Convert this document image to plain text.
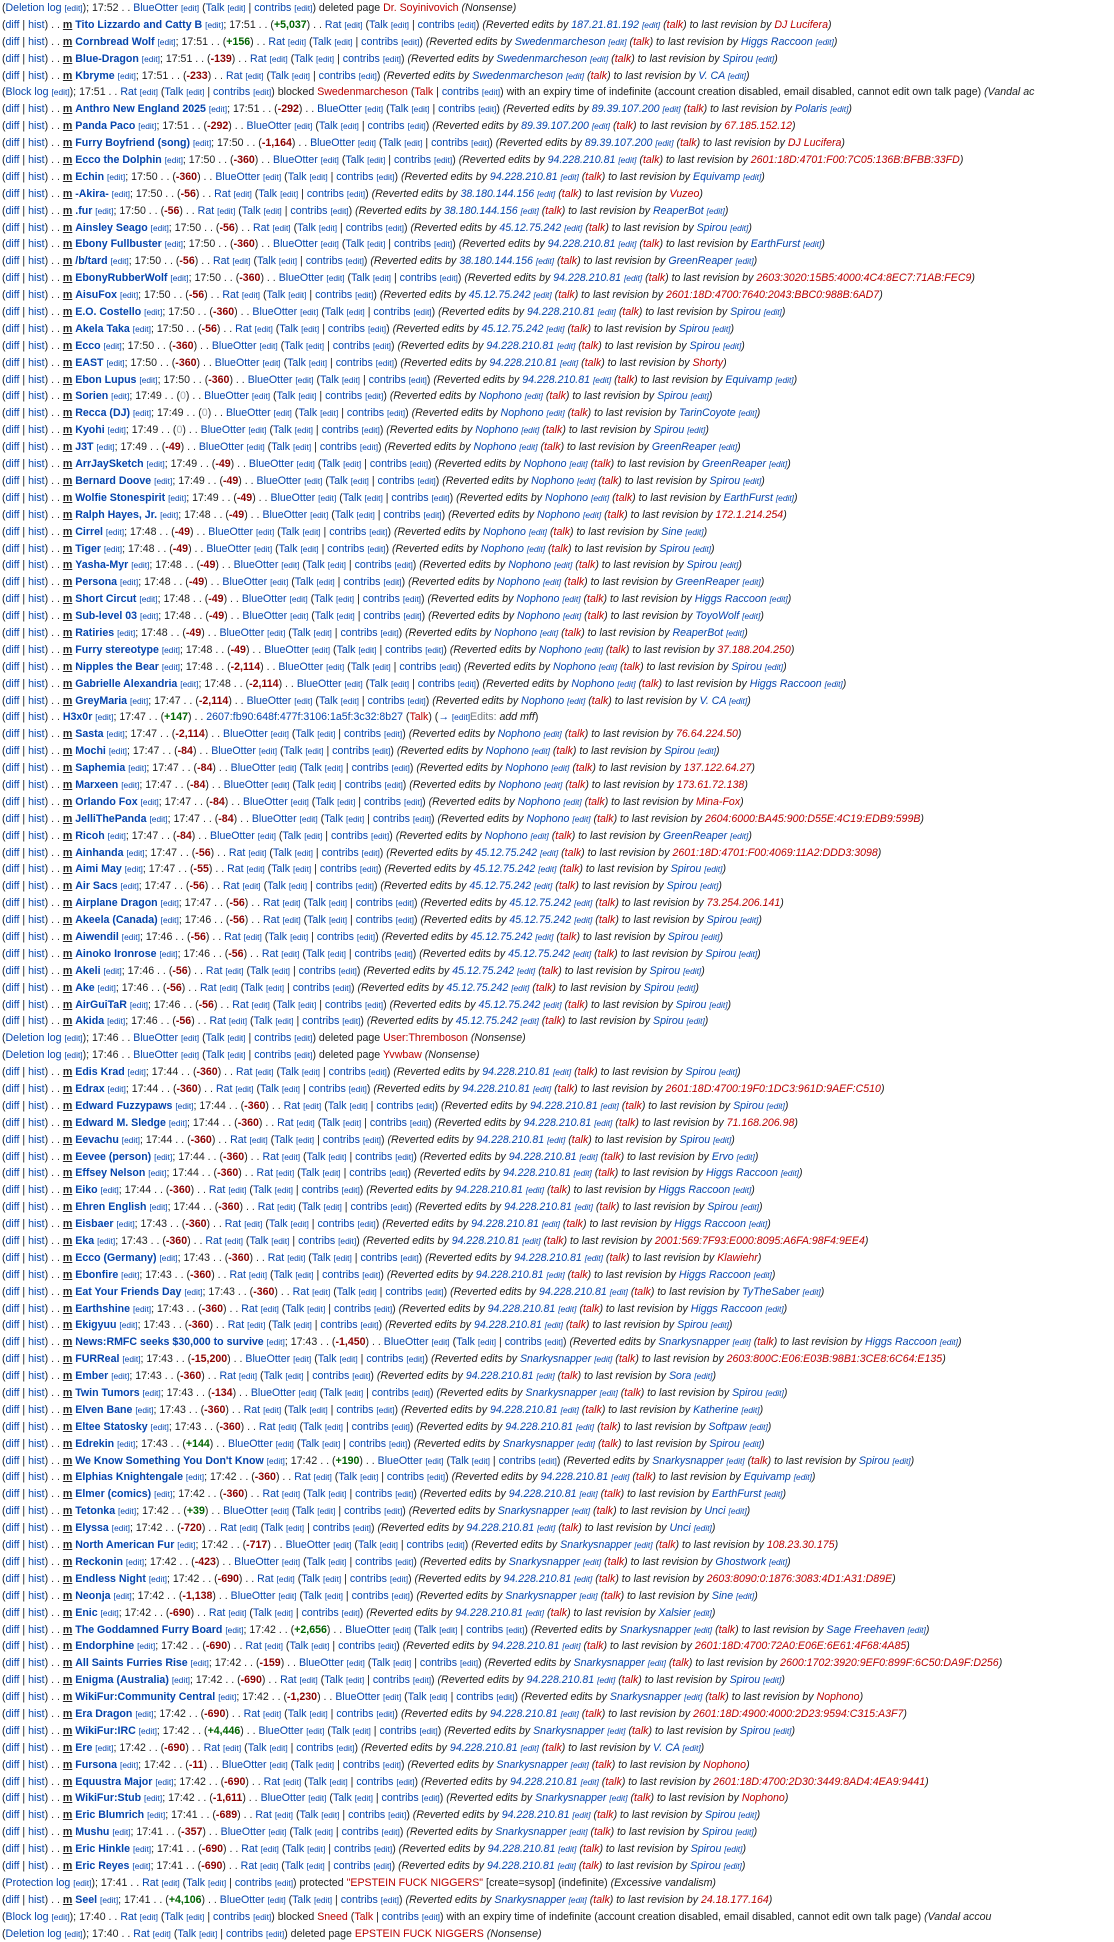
(Deletion log [edit]); 17:52 . . BlueOtter [edit] (Talk [edit] | contribs [edit]) deleted page Dr. Soyinivovich (Nonsense)
(diff | hist) . . m Tito Lizzardo and Catty B [edit]; 17:51 . . (+5,037) . . Rat [edit] (Talk [edit] | contribs [edit]) (Reverted edits by 187.21.81.192 [edit] (talk) to last revision by DJ Lucifera)
(diff | hist) . . m Cornbread Wolf [edit]; 17:51 . . (+156) . . Rat [edit] (Talk [edit] | contribs [edit]) (Reverted edits by Swedenmarcheson [edit] (talk) to last revision by Higgs Raccoon [edit])
(diff | hist) . . m Blue-Dragon [edit]; 17:51 . . (-139) . . Rat [edit] (Talk [edit] | contribs [edit]) (Reverted edits by Swedenmarcheson [edit] (talk) to last revision by Spirou [edit])
(diff | hist) . . m Kbryme [edit]; 17:51 . . (-233) . . Rat [edit] (Talk [edit] | contribs [edit]) (Reverted edits by Swedenmarcheson [edit] (talk) to last revision by V. CA [edit])
(Block log [edit]); 17:51 . . Rat [edit] (Talk [edit] | contribs [edit]) blocked Swedenmarcheson (Talk | contribs [edit]) with an expiry time of indefinite (account creation disabled, email disabled, cannot edit own talk page) (Vandal ac
(diff | hist) . . m Anthro New England 2025 [edit]; 17:51 . . (-292) . . BlueOtter [edit] (Talk [edit] | contribs [edit]) (Reverted edits by 89.39.107.200 [edit] (talk) to last revision by Polaris [edit])
(diff | hist) . . m Panda Paco [edit]; 17:51 . . (-292) . . BlueOtter [edit] (Talk [edit] | contribs [edit]) (Reverted edits by 89.39.107.200 [edit] (talk) to last revision by 67.185.152.12)
(diff | hist) . . m Furry Boyfriend (song) [edit]; 17:50 . . (-1,164) . . BlueOtter [edit] (Talk [edit] | contribs [edit]) (Reverted edits by 89.39.107.200 [edit] (talk) to last revision by DJ Lucifera)
(diff | hist) . . m Ecco the Dolphin [edit]; 17:50 . . (-360) . . BlueOtter [edit] (Talk [edit] | contribs [edit]) (Reverted edits by 94.228.210.81 [edit] (talk) to last revision by 2601:18D:4701:F00:7C05:136B:BFBB:33FD)
(diff | hist) . . m Echin [edit]; 17:50 . . (-360) . . BlueOtter [edit] (Talk [edit] | contribs [edit]) (Reverted edits by 94.228.210.81 [edit] (talk) to last revision by Equivamp [edit])
(diff | hist) . . m -Akira- [edit]; 17:50 . . (-56) . . Rat [edit] (Talk [edit] | contribs [edit]) (Reverted edits by 38.180.144.156 [edit] (talk) to last revision by Vuzeo)
(diff | hist) . . m .fur [edit]; 17:50 . . (-56) . . Rat [edit] (Talk [edit] | contribs [edit]) (Reverted edits by 38.180.144.156 [edit] (talk) to last revision by ReaperBot [edit])
(diff | hist) . . m Ainsley Seago [edit]; 17:50 . . (-56) . . Rat [edit] (Talk [edit] | contribs [edit]) (Reverted edits by 45.12.75.242 [edit] (talk) to last revision by Spirou [edit])
(diff | hist) . . m Ebony Fullbuster [edit]; 17:50 . . (-360) . . BlueOtter [edit] (Talk [edit] | contribs [edit]) (Reverted edits by 94.228.210.81 [edit] (talk) to last revision by EarthFurst [edit])
(diff | hist) . . m /b/tard [edit]; 17:50 . . (-56) . . Rat [edit] (Talk [edit] | contribs [edit]) (Reverted edits by 38.180.144.156 [edit] (talk) to last revision by GreenReaper [edit])
(diff | hist) . . m EbonyRubberWolf [edit]; 17:50 . . (-360) . . BlueOtter [edit] (Talk [edit] | contribs [edit]) (Reverted edits by 94.228.210.81 [edit] (talk) to last revision by 2603:3020:15B5:4000:4C4:8EC7:71AB:FEC9)
(diff | hist) . . m AisuFox [edit]; 17:50 . . (-56) . . Rat [edit] (Talk [edit] | contribs [edit]) (Reverted edits by 45.12.75.242 [edit] (talk) to last revision by 2601:18D:4700:7640:2043:BBC0:988B:6AD7)
(diff | hist) . . m E.O. Costello [edit]; 17:50 . . (-360) . . BlueOtter [edit] (Talk [edit] | contribs [edit]) (Reverted edits by 94.228.210.81 [edit] (talk) to last revision by Spirou [edit])
(diff | hist) . . m Akela Taka [edit]; 17:50 . . (-56) . . Rat [edit] (Talk [edit] | contribs [edit]) (Reverted edits by 45.12.75.242 [edit] (talk) to last revision by Spirou [edit])
(diff | hist) . . m Ecco [edit]; 17:50 . . (-360) . . BlueOtter [edit] (Talk [edit] | contribs [edit]) (Reverted edits by 94.228.210.81 [edit] (talk) to last revision by Spirou [edit])
(diff | hist) . . m EAST [edit]; 17:50 . . (-360) . . BlueOtter [edit] (Talk [edit] | contribs [edit]) (Reverted edits by 94.228.210.81 [edit] (talk) to last revision by Shorty)
(diff | hist) . . m Ebon Lupus [edit]; 17:50 . . (-360) . . BlueOtter [edit] (Talk [edit] | contribs [edit]) (Reverted edits by 94.228.210.81 [edit] (talk) to last revision by Equivamp [edit])
(diff | hist) . . m Sorien [edit]; 17:49 . . (0) . . BlueOtter [edit] (Talk [edit] | contribs [edit]) (Reverted edits by Nophono [edit] (talk) to last revision by Spirou [edit])
(diff | hist) . . m Recca (DJ) [edit]; 17:49 . . (0) . . BlueOtter [edit] (Talk [edit] | contribs [edit]) (Reverted edits by Nophono [edit] (talk) to last revision by TarinCoyote [edit])
(diff | hist) . . m Kyohi [edit]; 17:49 . . (0) . . BlueOtter [edit] (Talk [edit] | contribs [edit]) (Reverted edits by Nophono [edit] (talk) to last revision by Spirou [edit])
(diff | hist) . . m J3T [edit]; 17:49 . . (-49) . . BlueOtter [edit] (Talk [edit] | contribs [edit]) (Reverted edits by Nophono [edit] (talk) to last revision by GreenReaper [edit])
(diff | hist) . . m ArrJaySketch [edit]; 17:49 . . (-49) . . BlueOtter [edit] (Talk [edit] | contribs [edit]) (Reverted edits by Nophono [edit] (talk) to last revision by GreenReaper [edit])
(diff | hist) . . m Bernard Doove [edit]; 17:49 . . (-49) . . BlueOtter [edit] (Talk [edit] | contribs [edit]) (Reverted edits by Nophono [edit] (talk) to last revision by Spirou [edit])
(diff | hist) . . m Wolfie Stonespirit [edit]; 17:49 . . (-49) . . BlueOtter [edit] (Talk [edit] | contribs [edit]) (Reverted edits by Nophono [edit] (talk) to last revision by EarthFurst [edit])
(diff | hist) . . m Ralph Hayes, Jr. [edit]; 17:48 . . (-49) . . BlueOtter [edit] (Talk [edit] | contribs [edit]) (Reverted edits by Nophono [edit] (talk) to last revision by 172.1.214.254)
(diff | hist) . . m Cirrel [edit]; 17:48 . . (-49) . . BlueOtter [edit] (Talk [edit] | contribs [edit]) (Reverted edits by Nophono [edit] (talk) to last revision by Sine [edit])
(diff | hist) . . m Tiger [edit]; 17:48 . . (-49) . . BlueOtter [edit] (Talk [edit] | contribs [edit]) (Reverted edits by Nophono [edit] (talk) to last revision by Spirou [edit])
(diff | hist) . . m Yasha-Myr [edit]; 17:48 . . (-49) . . BlueOtter [edit] (Talk [edit] | contribs [edit]) (Reverted edits by Nophono [edit] (talk) to last revision by Spirou [edit])
(diff | hist) . . m Persona [edit]; 17:48 . . (-49) . . BlueOtter [edit] (Talk [edit] | contribs [edit]) (Reverted edits by Nophono [edit] (talk) to last revision by GreenReaper [edit])
(diff | hist) . . m Short Circut [edit]; 17:48 . . (-49) . . BlueOtter [edit] (Talk [edit] | contribs [edit]) (Reverted edits by Nophono [edit] (talk) to last revision by Higgs Raccoon [edit])
(diff | hist) . . m Sub-level 03 [edit]; 17:48 . . (-49) . . BlueOtter [edit] (Talk [edit] | contribs [edit]) (Reverted edits by Nophono [edit] (talk) to last revision by ToyoWolf [edit])
(diff | hist) . . m Ratiries [edit]; 17:48 . . (-49) . . BlueOtter [edit] (Talk [edit] | contribs [edit]) (Reverted edits by Nophono [edit] (talk) to last revision by ReaperBot [edit])
(diff | hist) . . m Furry stereotype [edit]; 17:48 . . (-49) . . BlueOtter [edit] (Talk [edit] | contribs [edit]) (Reverted edits by Nophono [edit] (talk) to last revision by 37.188.204.250)
(diff | hist) . . m Nipples the Bear [edit]; 17:48 . . (-2,114) . . BlueOtter [edit] (Talk [edit] | contribs [edit]) (Reverted edits by Nophono [edit] (talk) to last revision by Spirou [edit])
(diff | hist) . . m Gabrielle Alexandria [edit]; 17:48 . . (-2,114) . . BlueOtter [edit] (Talk [edit] | contribs [edit]) (Reverted edits by Nophono [edit] (talk) to last revision by Higgs Raccoon [edit])
(diff | hist) . . m GreyMaria [edit]; 17:47 . . (-2,114) . . BlueOtter [edit] (Talk [edit] | contribs [edit]) (Reverted edits by Nophono [edit] (talk) to last revision by V. CA [edit])
(diff | hist) . . H3x0r [edit]; 17:47 . . (+147) . . 2607:fb90:648f:477f:3106:1a5f:3c32:8b27 (Talk) (→ [edit]Edits: add mff)
(diff | hist) . . m Sasta [edit]; 17:47 . . (-2,114) . . BlueOtter [edit] (Talk [edit] | contribs [edit]) (Reverted edits by Nophono [edit] (talk) to last revision by 76.64.224.50)
(diff | hist) . . m Mochi [edit]; 17:47 . . (-84) . . BlueOtter [edit] (Talk [edit] | contribs [edit]) (Reverted edits by Nophono [edit] (talk) to last revision by Spirou [edit])
(diff | hist) . . m Saphemia [edit]; 17:47 . . (-84) . . BlueOtter [edit] (Talk [edit] | contribs [edit]) (Reverted edits by Nophono [edit] (talk) to last revision by 137.122.64.27)
(diff | hist) . . m Marxeen [edit]; 17:47 . . (-84) . . BlueOtter [edit] (Talk [edit] | contribs [edit]) (Reverted edits by Nophono [edit] (talk) to last revision by 173.61.72.138)
(diff | hist) . . m Orlando Fox [edit]; 17:47 . . (-84) . . BlueOtter [edit] (Talk [edit] | contribs [edit]) (Reverted edits by Nophono [edit] (talk) to last revision by Mina-Fox)
(diff | hist) . . m JelliThePanda [edit]; 17:47 . . (-84) . . BlueOtter [edit] (Talk [edit] | contribs [edit]) (Reverted edits by Nophono [edit] (talk) to last revision by 2604:6000:BA45:900:D55E:4C19:EDB9:599B)
(diff | hist) . . m Ricoh [edit]; 17:47 . . (-84) . . BlueOtter [edit] (Talk [edit] | contribs [edit]) (Reverted edits by Nophono [edit] (talk) to last revision by GreenReaper [edit])
(diff | hist) . . m Ainhanda [edit]; 17:47 . . (-56) . . Rat [edit] (Talk [edit] | contribs [edit]) (Reverted edits by 45.12.75.242 [edit] (talk) to last revision by 2601:18D:4701:F00:4069:11A2:DDD3:3098)
(diff | hist) . . m Aimi May [edit]; 17:47 . . (-55) . . Rat [edit] (Talk [edit] | contribs [edit]) (Reverted edits by 45.12.75.242 [edit] (talk) to last revision by Spirou [edit])
(diff | hist) . . m Air Sacs [edit]; 17:47 . . (-56) . . Rat [edit] (Talk [edit] | contribs [edit]) (Reverted edits by 45.12.75.242 [edit] (talk) to last revision by Spirou [edit])
(diff | hist) . . m Airplane Dragon [edit]; 17:47 . . (-56) . . Rat [edit] (Talk [edit] | contribs [edit]) (Reverted edits by 45.12.75.242 [edit] (talk) to last revision by 73.254.206.141)
(diff | hist) . . m Akeela (Canada) [edit]; 17:46 . . (-56) . . Rat [edit] (Talk [edit] | contribs [edit]) (Reverted edits by 45.12.75.242 [edit] (talk) to last revision by Spirou [edit])
(diff | hist) . . m Aiwendil [edit]; 17:46 . . (-56) . . Rat [edit] (Talk [edit] | contribs [edit]) (Reverted edits by 45.12.75.242 [edit] (talk) to last revision by Spirou [edit])
(diff | hist) . . m Ainoko Ironrose [edit]; 17:46 . . (-56) . . Rat [edit] (Talk [edit] | contribs [edit]) (Reverted edits by 45.12.75.242 [edit] (talk) to last revision by Spirou [edit])
(diff | hist) . . m Akeli [edit]; 17:46 . . (-56) . . Rat [edit] (Talk [edit] | contribs [edit]) (Reverted edits by 45.12.75.242 [edit] (talk) to last revision by Spirou [edit])
(diff | hist) . . m Ake [edit]; 17:46 . . (-56) . . Rat [edit] (Talk [edit] | contribs [edit]) (Reverted edits by 45.12.75.242 [edit] (talk) to last revision by Spirou [edit])
(diff | hist) . . m AirGuiTaR [edit]; 17:46 . . (-56) . . Rat [edit] (Talk [edit] | contribs [edit]) (Reverted edits by 45.12.75.242 [edit] (talk) to last revision by Spirou [edit])
(diff | hist) . . m Akida [edit]; 17:46 . . (-56) . . Rat [edit] (Talk [edit] | contribs [edit]) (Reverted edits by 45.12.75.242 [edit] (talk) to last revision by Spirou [edit])
(Deletion log [edit]); 17:46 . . BlueOtter [edit] (Talk [edit] | contribs [edit]) deleted page User:Thremboson (Nonsense)
(Deletion log [edit]); 17:46 . . BlueOtter [edit] (Talk [edit] | contribs [edit]) deleted page Yvwbaw (Nonsense)
(diff | hist) . . m Edis Krad [edit]; 17:44 . . (-360) . . Rat [edit] (Talk [edit] | contribs [edit]) (Reverted edits by 94.228.210.81 [edit] (talk) to last revision by Spirou [edit])
(diff | hist) . . m Edrax [edit]; 17:44 . . (-360) . . Rat [edit] (Talk [edit] | contribs [edit]) (Reverted edits by 94.228.210.81 [edit] (talk) to last revision by 2601:18D:4700:19F0:1DC3:961D:9AEF:C510)
(diff | hist) . . m Edward Fuzzypaws [edit]; 17:44 . . (-360) . . Rat [edit] (Talk [edit] | contribs [edit]) (Reverted edits by 94.228.210.81 [edit] (talk) to last revision by Spirou [edit])
(diff | hist) . . m Edward M. Sledge [edit]; 17:44 . . (-360) . . Rat [edit] (Talk [edit] | contribs [edit]) (Reverted edits by 94.228.210.81 [edit] (talk) to last revision by 71.168.206.98)
(diff | hist) . . m Eevachu [edit]; 17:44 . . (-360) . . Rat [edit] (Talk [edit] | contribs [edit]) (Reverted edits by 94.228.210.81 [edit] (talk) to last revision by Spirou [edit])
(diff | hist) . . m Eevee (person) [edit]; 17:44 . . (-360) . . Rat [edit] (Talk [edit] | contribs [edit]) (Reverted edits by 94.228.210.81 [edit] (talk) to last revision by Ervo [edit])
(diff | hist) . . m Effsey Nelson [edit]; 17:44 . . (-360) . . Rat [edit] (Talk [edit] | contribs [edit]) (Reverted edits by 94.228.210.81 [edit] (talk) to last revision by Higgs Raccoon [edit])
(diff | hist) . . m Eiko [edit]; 17:44 . . (-360) . . Rat [edit] (Talk [edit] | contribs [edit]) (Reverted edits by 94.228.210.81 [edit] (talk) to last revision by Higgs Raccoon [edit])
(diff | hist) . . m Ehren English [edit]; 17:44 . . (-360) . . Rat [edit] (Talk [edit] | contribs [edit]) (Reverted edits by 94.228.210.81 [edit] (talk) to last revision by Spirou [edit])
(diff | hist) . . m Eisbaer [edit]; 17:43 . . (-360) . . Rat [edit] (Talk [edit] | contribs [edit]) (Reverted edits by 94.228.210.81 [edit] (talk) to last revision by Higgs Raccoon [edit])
(diff | hist) . . m Eka [edit]; 17:43 . . (-360) . . Rat [edit] (Talk [edit] | contribs [edit]) (Reverted edits by 94.228.210.81 [edit] (talk) to last revision by 2001:569:7F93:E000:8095:A6FA:98F4:9EE4)
(diff | hist) . . m Ecco (Germany) [edit]; 17:43 . . (-360) . . Rat [edit] (Talk [edit] | contribs [edit]) (Reverted edits by 94.228.210.81 [edit] (talk) to last revision by Klawiehr)
(diff | hist) . . m Ebonfire [edit]; 17:43 . . (-360) . . Rat [edit] (Talk [edit] | contribs [edit]) (Reverted edits by 94.228.210.81 [edit] (talk) to last revision by Higgs Raccoon [edit])
(diff | hist) . . m Eat Your Friends Day [edit]; 17:43 . . (-360) . . Rat [edit] (Talk [edit] | contribs [edit]) (Reverted edits by 94.228.210.81 [edit] (talk) to last revision by TyTheSaber [edit])
(diff | hist) . . m Earthshine [edit]; 17:43 . . (-360) . . Rat [edit] (Talk [edit] | contribs [edit]) (Reverted edits by 94.228.210.81 [edit] (talk) to last revision by Higgs Raccoon [edit])
(diff | hist) . . m Ekigyuu [edit]; 17:43 . . (-360) . . Rat [edit] (Talk [edit] | contribs [edit]) (Reverted edits by 94.228.210.81 [edit] (talk) to last revision by Spirou [edit])
(diff | hist) . . m News:RMFC seeks $30,000 to survive [edit]; 17:43 . . (-1,450) . . BlueOtter [edit] (Talk [edit] | contribs [edit]) (Reverted edits by Snarkysnapper [edit] (talk) to last revision by Higgs Raccoon [edit])
(diff | hist) . . m FURReal [edit]; 17:43 . . (-15,200) . . BlueOtter [edit] (Talk [edit] | contribs [edit]) (Reverted edits by Snarkysnapper [edit] (talk) to last revision by 2603:800C:E06:E03B:98B1:3CE8:6C64:E135)
(diff | hist) . . m Ember [edit]; 17:43 . . (-360) . . Rat [edit] (Talk [edit] | contribs [edit]) (Reverted edits by 94.228.210.81 [edit] (talk) to last revision by Sora [edit])
(diff | hist) . . m Twin Tumors [edit]; 17:43 . . (-134) . . BlueOtter [edit] (Talk [edit] | contribs [edit]) (Reverted edits by Snarkysnapper [edit] (talk) to last revision by Spirou [edit])
(diff | hist) . . m Elven Bane [edit]; 17:43 . . (-360) . . Rat [edit] (Talk [edit] | contribs [edit]) (Reverted edits by 94.228.210.81 [edit] (talk) to last revision by Katherine [edit])
(diff | hist) . . m Eltee Statosky [edit]; 17:43 . . (-360) . . Rat [edit] (Talk [edit] | contribs [edit]) (Reverted edits by 94.228.210.81 [edit] (talk) to last revision by Softpaw [edit])
(diff | hist) . . m Edrekin [edit]; 17:43 . . (+144) . . BlueOtter [edit] (Talk [edit] | contribs [edit]) (Reverted edits by Snarkysnapper [edit] (talk) to last revision by Spirou [edit])
(diff | hist) . . m We Know Something You Don't Know [edit]; 17:42 . . (+190) . . BlueOtter [edit] (Talk [edit] | contribs [edit]) (Reverted edits by Snarkysnapper [edit] (talk) to last revision by Spirou [edit])
(diff | hist) . . m Elphias Knightengale [edit]; 17:42 . . (-360) . . Rat [edit] (Talk [edit] | contribs [edit]) (Reverted edits by 94.228.210.81 [edit] (talk) to last revision by Equivamp [edit])
(diff | hist) . . m Elmer (comics) [edit]; 17:42 . . (-360) . . Rat [edit] (Talk [edit] | contribs [edit]) (Reverted edits by 94.228.210.81 [edit] (talk) to last revision by EarthFurst [edit])
(diff | hist) . . m Tetonka [edit]; 17:42 . . (+39) . . BlueOtter [edit] (Talk [edit] | contribs [edit]) (Reverted edits by Snarkysnapper [edit] (talk) to last revision by Unci [edit])
(diff | hist) . . m Elyssa [edit]; 17:42 . . (-720) . . Rat [edit] (Talk [edit] | contribs [edit]) (Reverted edits by 94.228.210.81 [edit] (talk) to last revision by Unci [edit])
(diff | hist) . . m North American Fur [edit]; 17:42 . . (-717) . . BlueOtter [edit] (Talk [edit] | contribs [edit]) (Reverted edits by Snarkysnapper [edit] (talk) to last revision by 108.23.30.175)
(diff | hist) . . m Reckonin [edit]; 17:42 . . (-423) . . BlueOtter [edit] (Talk [edit] | contribs [edit]) (Reverted edits by Snarkysnapper [edit] (talk) to last revision by Ghostwork [edit])
(diff | hist) . . m Endless Night [edit]; 17:42 . . (-690) . . Rat [edit] (Talk [edit] | contribs [edit]) (Reverted edits by 94.228.210.81 [edit] (talk) to last revision by 2603:8090:0:1876:3083:4D1:A31:D89E)
(diff | hist) . . m Neonja [edit]; 17:42 . . (-1,138) . . BlueOtter [edit] (Talk [edit] | contribs [edit]) (Reverted edits by Snarkysnapper [edit] (talk) to last revision by Sine [edit])
(diff | hist) . . m Enic [edit]; 17:42 . . (-690) . . Rat [edit] (Talk [edit] | contribs [edit]) (Reverted edits by 94.228.210.81 [edit] (talk) to last revision by Xalsier [edit])
(diff | hist) . . m The Goddamned Furry Board [edit]; 17:42 . . (+2,656) . . BlueOtter [edit] (Talk [edit] | contribs [edit]) (Reverted edits by Snarkysnapper [edit] (talk) to last revision by Sage Freehaven [edit])
(diff | hist) . . m Endorphine [edit]; 17:42 . . (-690) . . Rat [edit] (Talk [edit] | contribs [edit]) (Reverted edits by 94.228.210.81 [edit] (talk) to last revision by 2601:18D:4700:72A0:E06E:6E61:4F68:4A85)
(diff | hist) . . m All Saints Furries Rise [edit]; 17:42 . . (-159) . . BlueOtter [edit] (Talk [edit] | contribs [edit]) (Reverted edits by Snarkysnapper [edit] (talk) to last revision by 2600:1702:3920:9EF0:899F:6C50:DA9F:D256)
(diff | hist) . . m Enigma (Australia) [edit]; 17:42 . . (-690) . . Rat [edit] (Talk [edit] | contribs [edit]) (Reverted edits by 94.228.210.81 [edit] (talk) to last revision by Spirou [edit])
(diff | hist) . . m WikiFur:Community Central [edit]; 17:42 . . (-1,230) . . BlueOtter [edit] (Talk [edit] | contribs [edit]) (Reverted edits by Snarkysnapper [edit] (talk) to last revision by Nophono)
(diff | hist) . . m Era Dragon [edit]; 17:42 . . (-690) . . Rat [edit] (Talk [edit] | contribs [edit]) (Reverted edits by 94.228.210.81 [edit] (talk) to last revision by 2601:18D:4900:4000:2D23:9594:C315:A3F7)
(diff | hist) . . m WikiFur:IRC [edit]; 17:42 . . (+4,446) . . BlueOtter [edit] (Talk [edit] | contribs [edit]) (Reverted edits by Snarkysnapper [edit] (talk) to last revision by Spirou [edit])
(diff | hist) . . m Ere [edit]; 17:42 . . (-690) . . Rat [edit] (Talk [edit] | contribs [edit]) (Reverted edits by 94.228.210.81 [edit] (talk) to last revision by V. CA [edit])
(diff | hist) . . m Fursona [edit]; 17:42 . . (-11) . . BlueOtter [edit] (Talk [edit] | contribs [edit]) (Reverted edits by Snarkysnapper [edit] (talk) to last revision by Nophono)
(diff | hist) . . m Equustra Major [edit]; 17:42 . . (-690) . . Rat [edit] (Talk [edit] | contribs [edit]) (Reverted edits by 94.228.210.81 [edit] (talk) to last revision by 2601:18D:4700:2D30:3449:8AD4:4EA9:9441)
(diff | hist) . . m WikiFur:Stub [edit]; 17:42 . . (-1,611) . . BlueOtter [edit] (Talk [edit] | contribs [edit]) (Reverted edits by Snarkysnapper [edit] (talk) to last revision by Nophono)
(diff | hist) . . m Eric Blumrich [edit]; 17:41 . . (-689) . . Rat [edit] (Talk [edit] | contribs [edit]) (Reverted edits by 94.228.210.81 [edit] (talk) to last revision by Spirou [edit])
(diff | hist) . . m Mushu [edit]; 17:41 . . (-357) . . BlueOtter [edit] (Talk [edit] | contribs [edit]) (Reverted edits by Snarkysnapper [edit] (talk) to last revision by Spirou [edit])
(diff | hist) . . m Eric Hinkle [edit]; 17:41 . . (-690) . . Rat [edit] (Talk [edit] | contribs [edit]) (Reverted edits by 94.228.210.81 [edit] (talk) to last revision by Spirou [edit])
(diff | hist) . . m Eric Reyes [edit]; 17:41 . . (-690) . . Rat [edit] (Talk [edit] | contribs [edit]) (Reverted edits by 94.228.210.81 [edit] (talk) to last revision by Spirou [edit])
(Protection log [edit]); 17:41 . . Rat [edit] (Talk [edit] | contribs [edit]) protected "EPSTEIN FUCK NIGGERS" [create=sysop] (indefinite) (Excessive vandalism)
(diff | hist) . . m Seel [edit]; 17:41 . . (+4,106) . . BlueOtter [edit] (Talk [edit] | contribs [edit]) (Reverted edits by Snarkysnapper [edit] (talk) to last revision by 24.18.177.164)
(Block log [edit]); 17:40 . . Rat [edit] (Talk [edit] | contribs [edit]) blocked Sneed (Talk | contribs [edit]) with an expiry time of indefinite (account creation disabled, email disabled, cannot edit own talk page) (Vandal accou
(Deletion log [edit]); 17:40 . . Rat [edit] (Talk [edit] | contribs [edit]) deleted page EPSTEIN FUCK NIGGERS (Nonsense)
